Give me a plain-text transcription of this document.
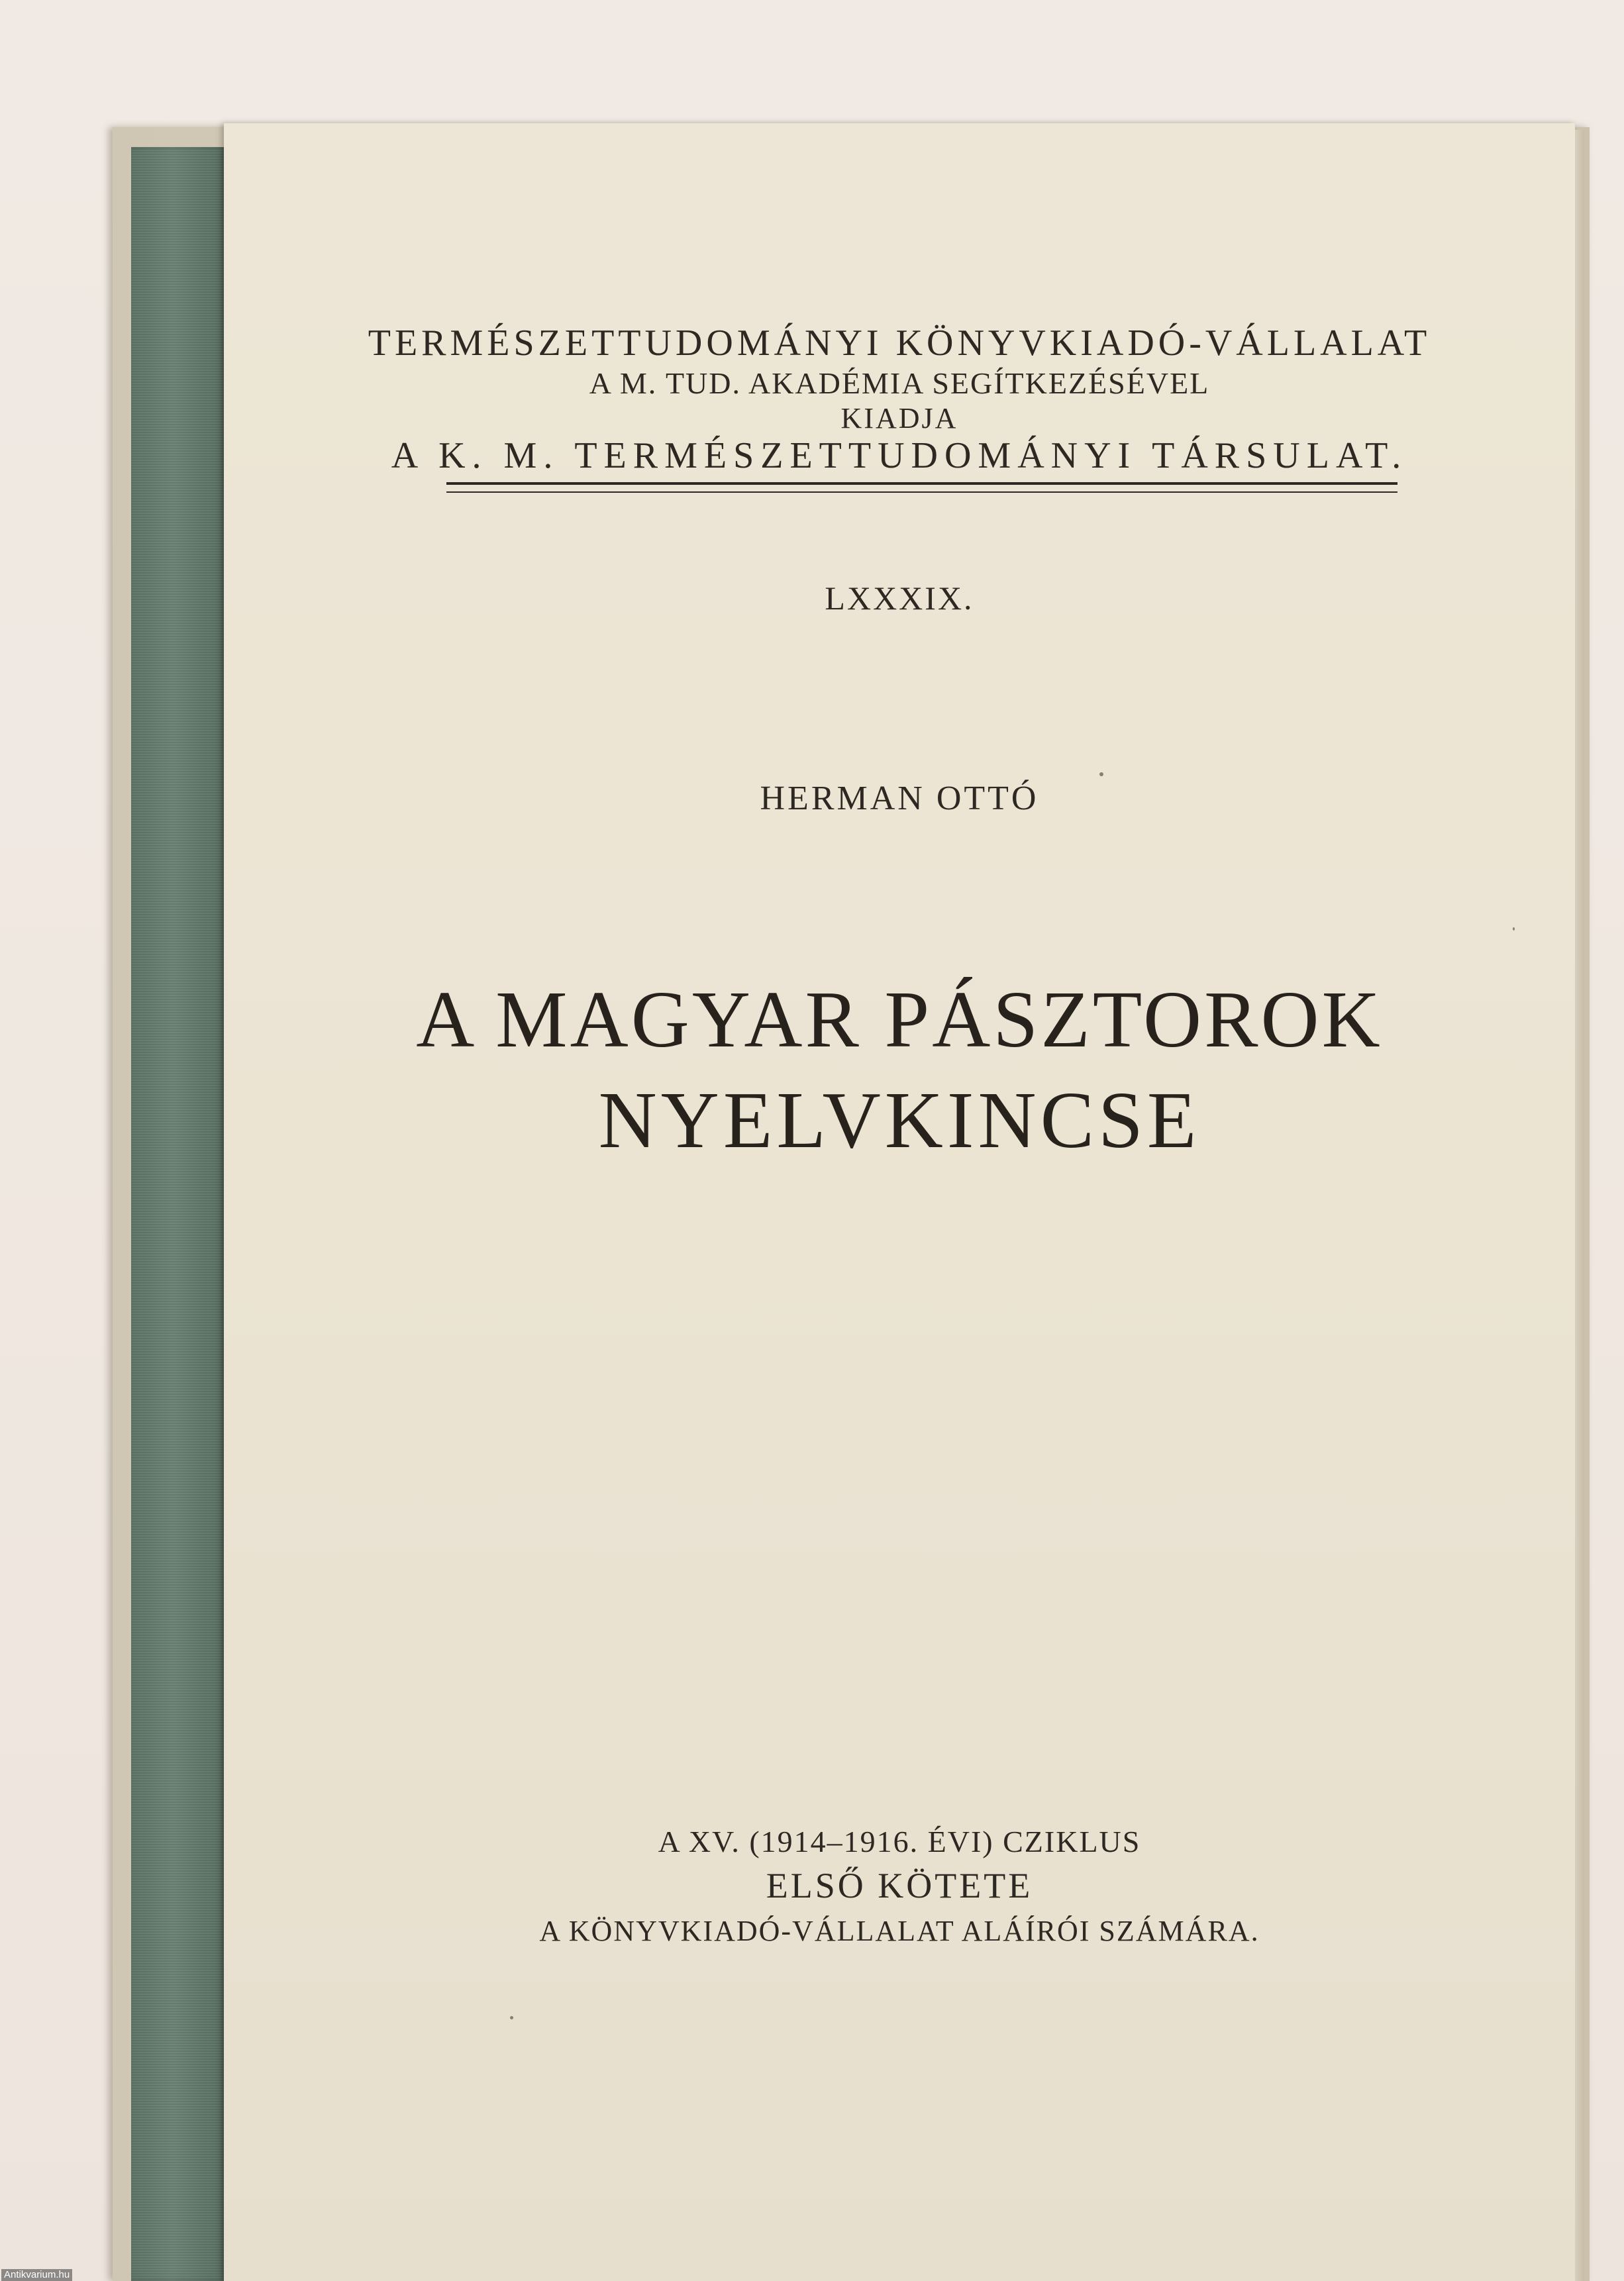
TERMÉSZETTUDOMÁNYI KÖNYVKIADÓ-VÁLLALAT
A M. TUD. AKADÉMIA SEGÍTKEZÉSÉVEL
KIADJA
A K. M. TERMÉSZETTUDOMÁNYI TÁRSULAT.
LXXXIX.
HERMAN OTTÓ
A MAGYAR PÁSZTOROK
NYELVKINCSE
A XV. (1914–1916. ÉVI) CZIKLUS
ELSŐ KÖTETE
A KÖNYVKIADÓ-VÁLLALAT ALÁÍRÓI SZÁMÁRA.
Antikvarium.hu
